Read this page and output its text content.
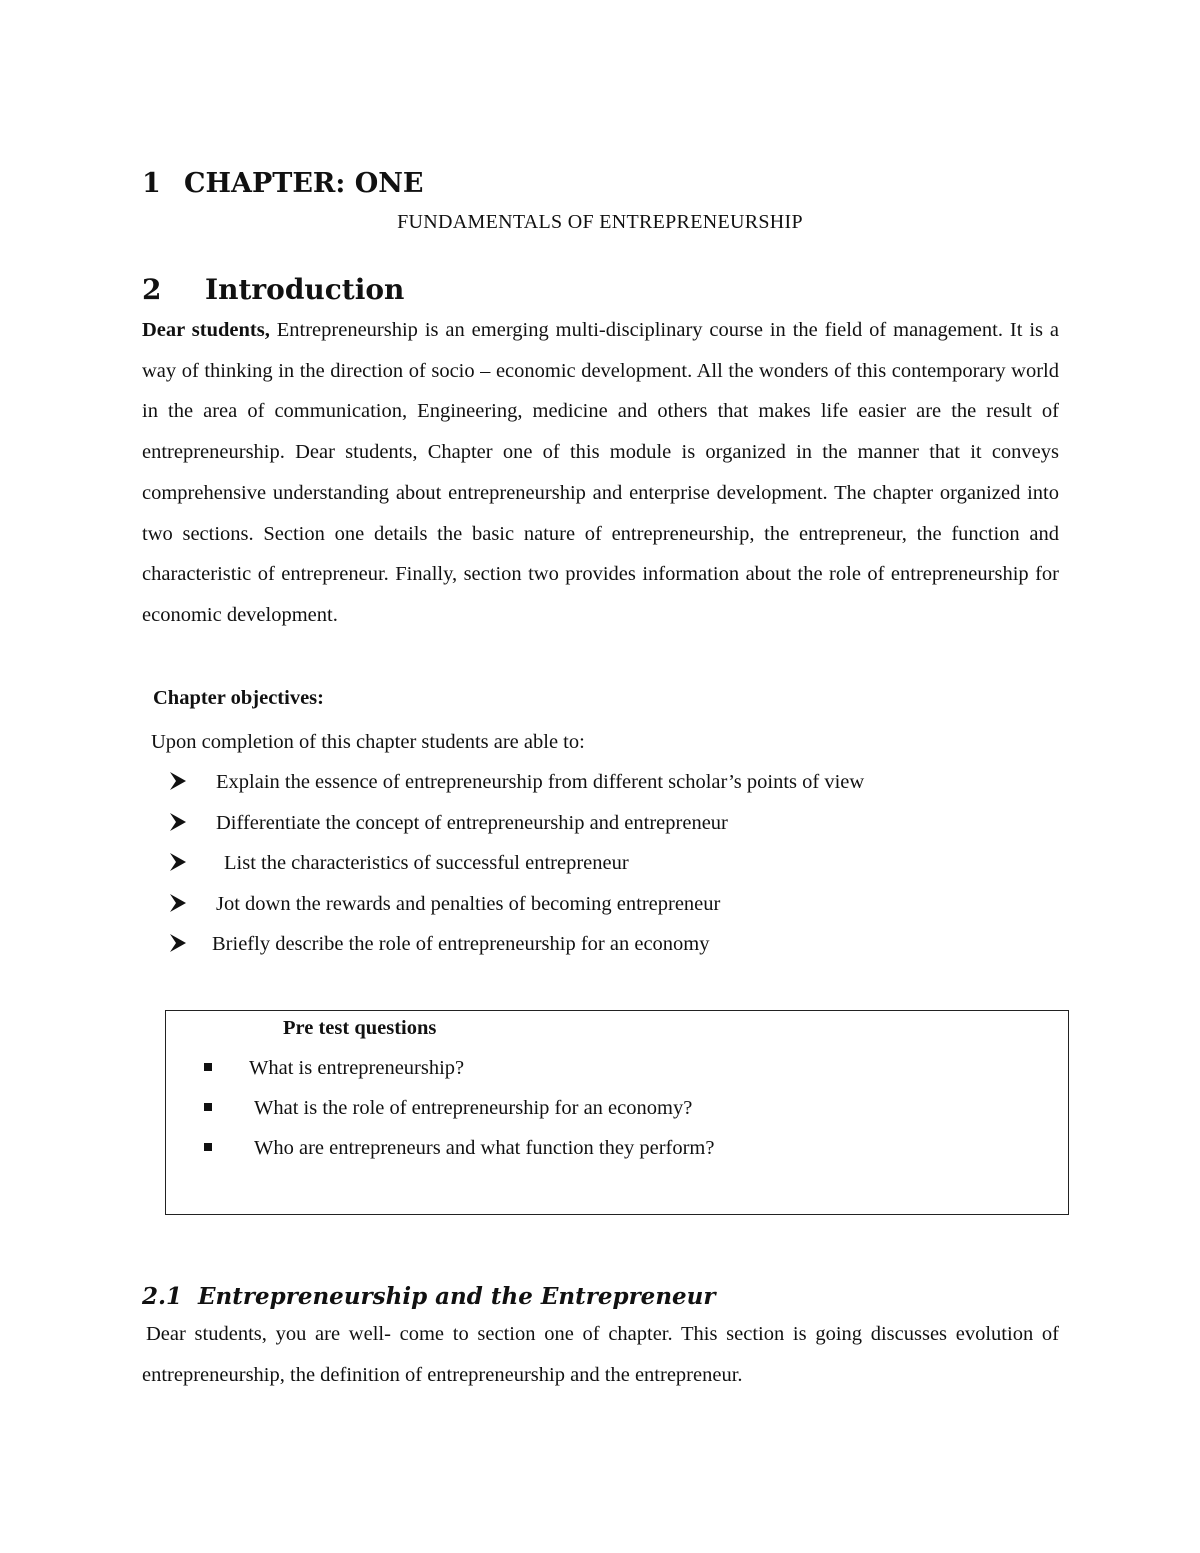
1 CHAPTER: ONE
FUNDAMENTALS OF ENTREPRENEURSHIP
2 Introduction

Dear students, Entrepreneurship is an emerging multi-disciplinary course in the field of management. It is a way of thinking in the direction of socio – economic development. All the wonders of this contemporary world in the area of communication, Engineering, medicine and others that makes life easier are the result of entrepreneurship. Dear students, Chapter one of this module is organized in the manner that it conveys comprehensive understanding about entrepreneurship and enterprise development. The chapter organized into two sections. Section one details the basic nature of entrepreneurship, the entrepreneur, the function and characteristic of entrepreneur. Finally, section two provides information about the role of entrepreneurship for economic development.

Chapter objectives:
Upon completion of this chapter students are able to:
Explain the essence of entrepreneurship from different scholar’s points of view
Differentiate the concept of entrepreneurship and entrepreneur
List the characteristics of successful entrepreneur
Jot down the rewards and penalties of becoming entrepreneur
Briefly describe the role of entrepreneurship for an economy
Pre test questions
What is entrepreneurship?
What is the role of entrepreneurship for an economy?
Who are entrepreneurs and what function they perform?
2.1 Entrepreneurship and the Entrepreneur

Dear students, you are well- come to section one of chapter. This section is going discusses evolution of entrepreneurship, the definition of entrepreneurship and the entrepreneur.
